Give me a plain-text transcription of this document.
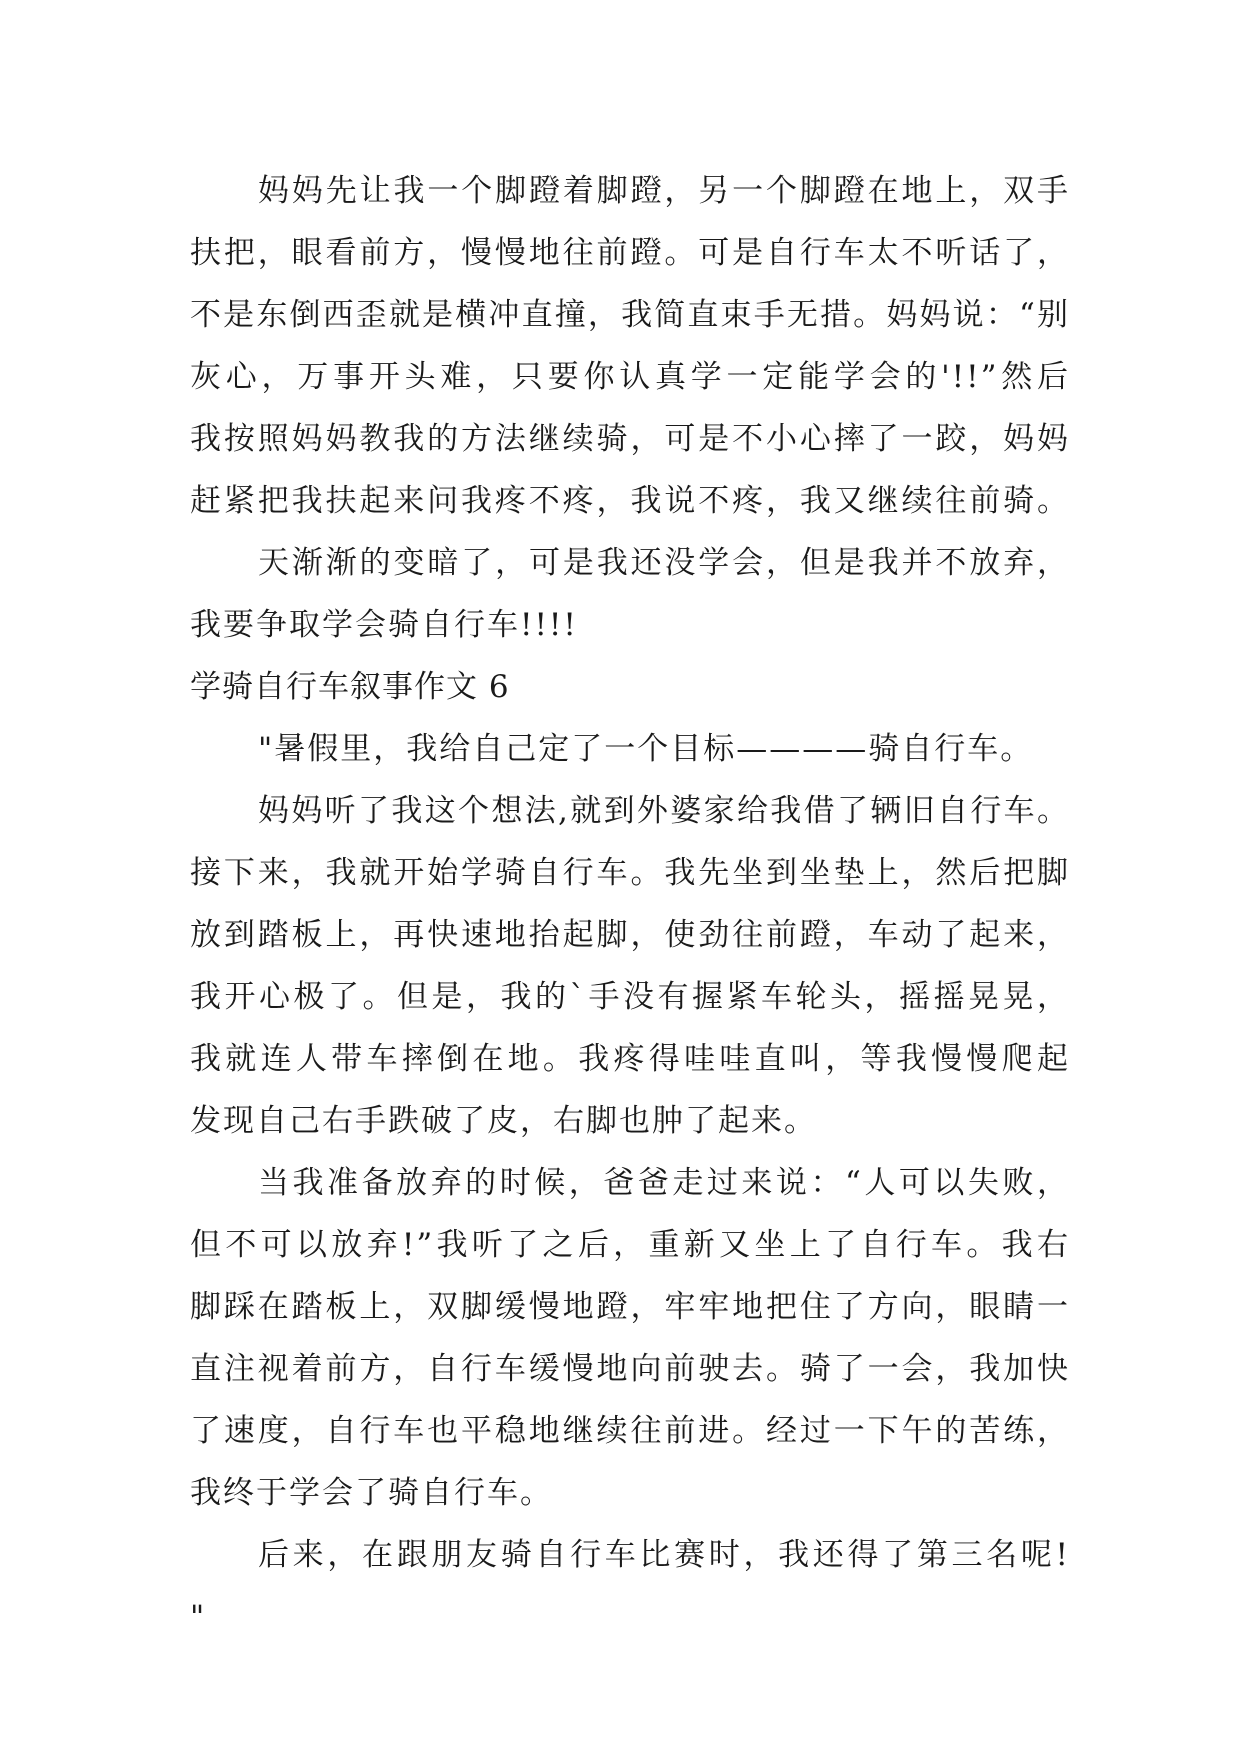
妈妈先让我一个脚蹬着脚蹬，另一个脚蹬在地上，双手
扶把，眼看前方，慢慢地往前蹬。可是自行车太不听话了，
不是东倒西歪就是横冲直撞，我简直束手无措。妈妈说：“别
灰心，万事开头难，只要你认真学一定能学会的'!!”然后
我按照妈妈教我的方法继续骑，可是不小心摔了一跤，妈妈
赶紧把我扶起来问我疼不疼，我说不疼，我又继续往前骑。
天渐渐的变暗了，可是我还没学会，但是我并不放弃，
我要争取学会骑自行车!!!!
学骑自行车叙事作文 6
"暑假里，我给自己定了一个目标————骑自行车。
妈妈听了我这个想法,就到外婆家给我借了辆旧自行车。
接下来，我就开始学骑自行车。我先坐到坐垫上，然后把脚
放到踏板上，再快速地抬起脚，使劲往前蹬，车动了起来，
我开心极了。但是，我的`手没有握紧车轮头，摇摇晃晃，
我就连人带车摔倒在地。我疼得哇哇直叫，等我慢慢爬起
发现自己右手跌破了皮，右脚也肿了起来。
当我准备放弃的时候，爸爸走过来说：“人可以失败，
但不可以放弃!”我听了之后，重新又坐上了自行车。我右
脚踩在踏板上，双脚缓慢地蹬，牢牢地把住了方向，眼睛一
直注视着前方，自行车缓慢地向前驶去。骑了一会，我加快
了速度，自行车也平稳地继续往前进。经过一下午的苦练，
我终于学会了骑自行车。
后来，在跟朋友骑自行车比赛时，我还得了第三名呢!
"
